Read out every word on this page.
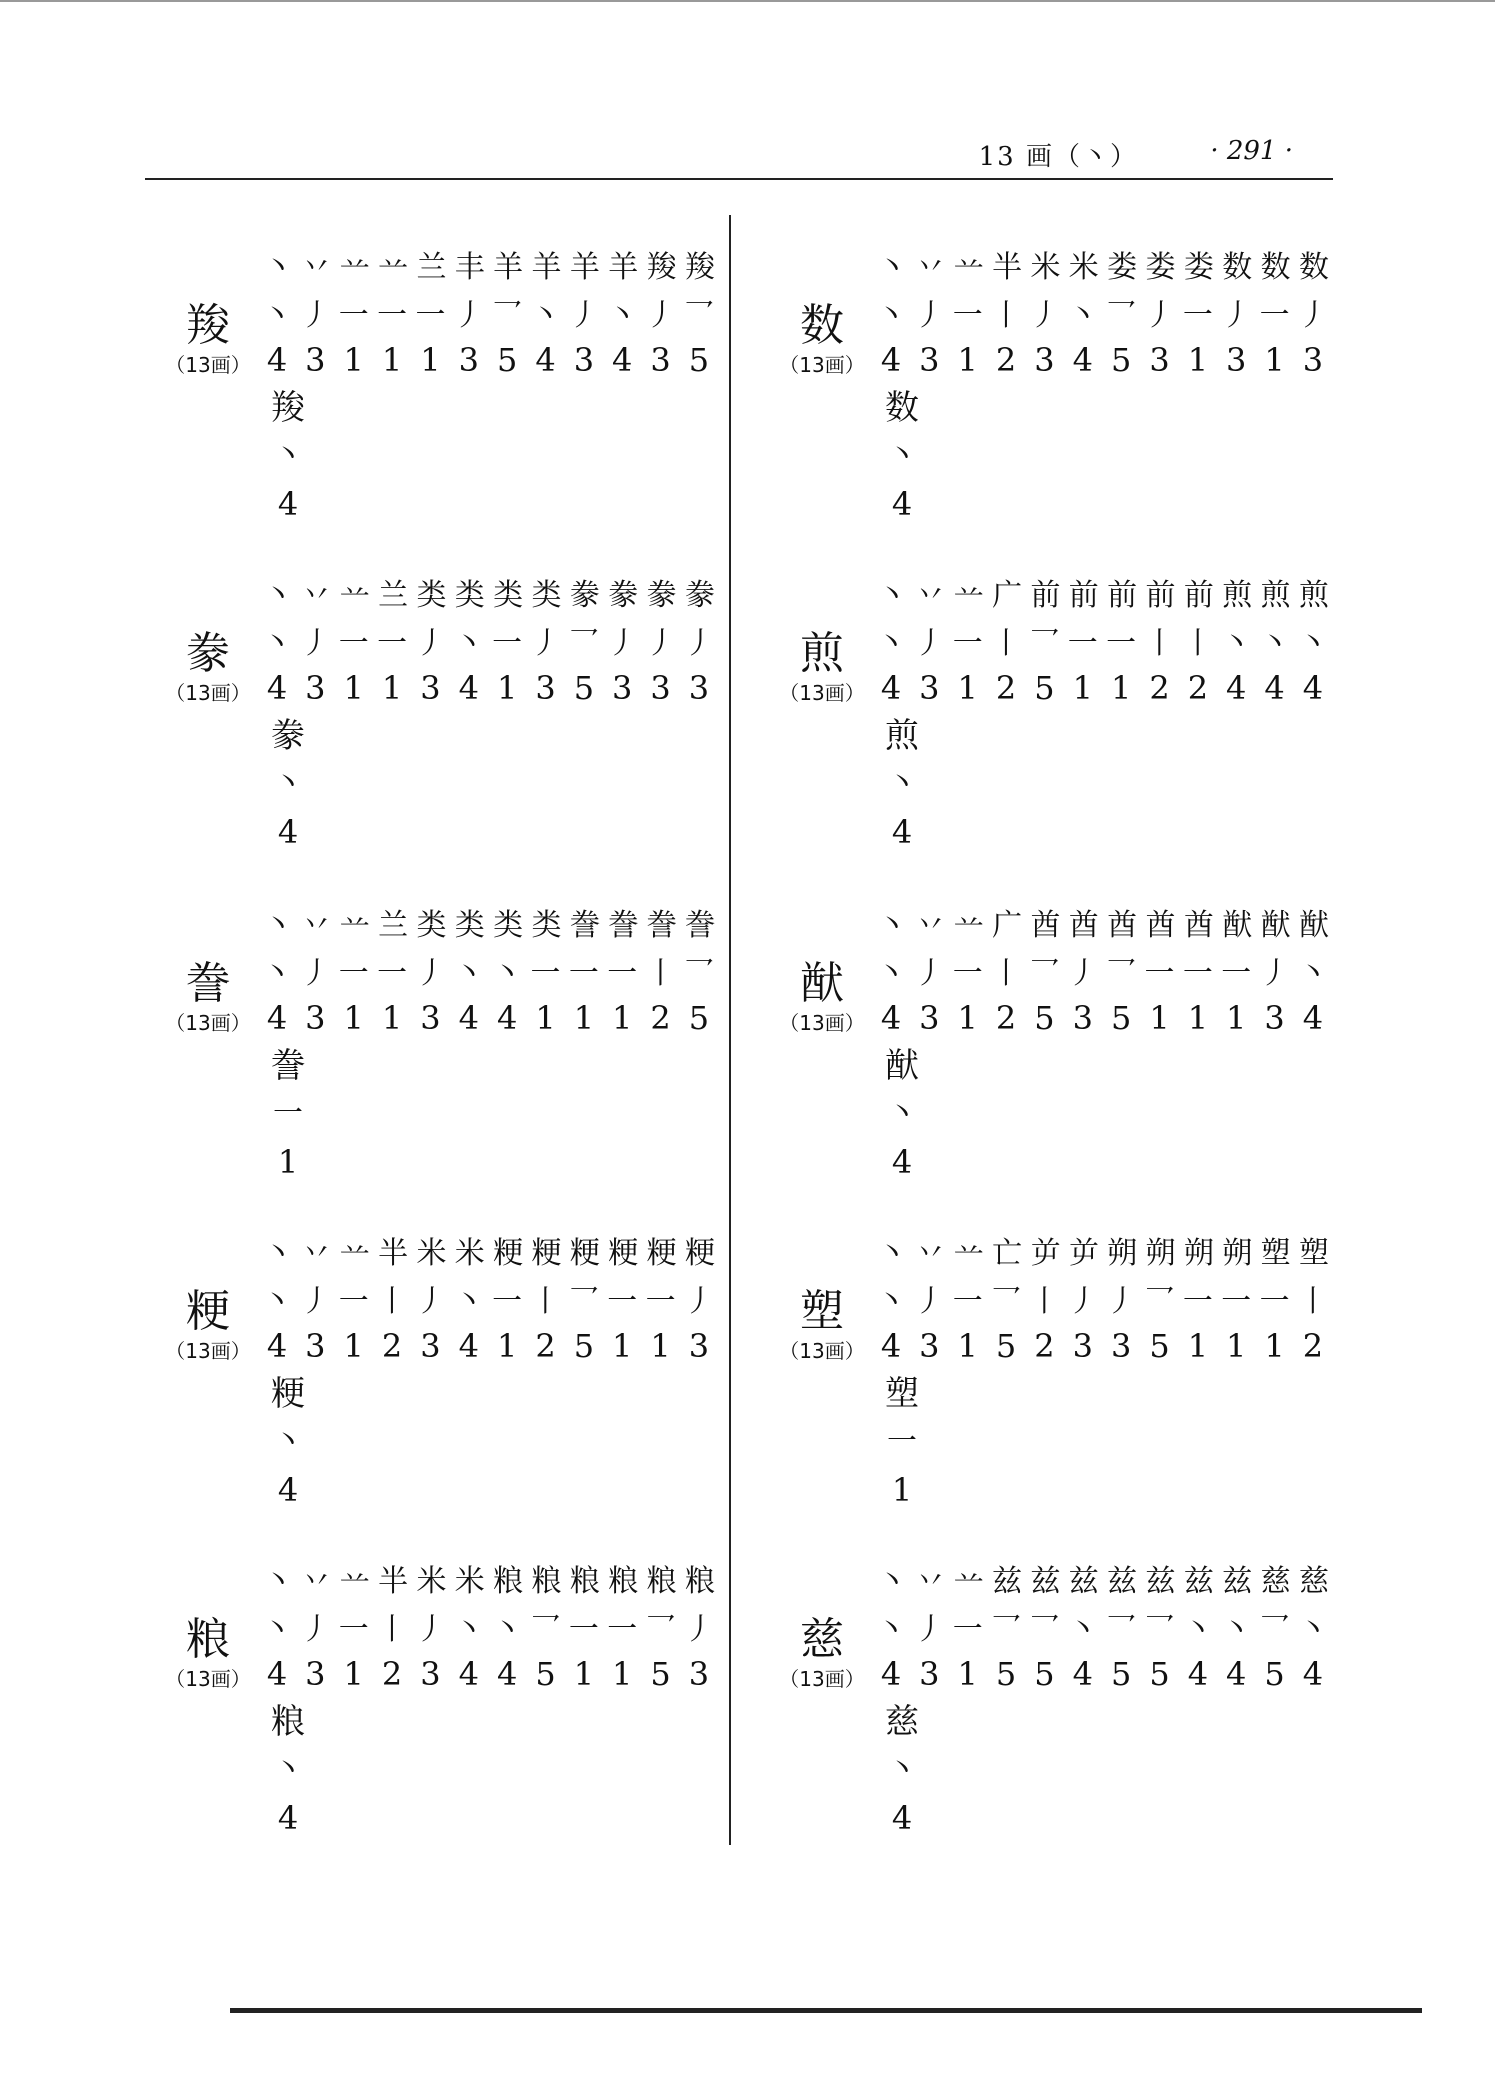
13 画（丶）	· 291 ·
羧
（13画）
丶 丷 䒑 䒑 兰 丰 羊 羊 羊 羊 羧 羧
丶 丿 一 一 一 丿 乛 丶 丿 丶 丿 乛
4 3 1 1 1 3 5 4 3 4 3 5
羧
丶
4
豢
（13画）
丶 丷 䒑 兰 类 类 类 类 豢 豢 豢 豢
丶 丿 一 一 丿 丶 一 丿 乛 丿 丿 丿
4 3 1 1 3 4 1 3 5 3 3 3
豢
丶
4
誊
（13画）
丶 丷 䒑 兰 类 类 类 类 誊 誊 誊 誊
丶 丿 一 一 丿 丶 丶 一 一 一 丨 乛
4 3 1 1 3 4 4 1 1 1 2 5
誊
一
1
粳
（13画）
丶 丷 䒑 半 米 米 粳 粳 粳 粳 粳 粳
丶 丿 一 丨 丿 丶 一 丨 乛 一 一 丿
4 3 1 2 3 4 1 2 5 1 1 3
粳
丶
4
粮
（13画）
丶 丷 䒑 半 米 米 粮 粮 粮 粮 粮 粮
丶 丿 一 丨 丿 丶 丶 乛 一 一 乛 丿
4 3 1 2 3 4 4 5 1 1 5 3
粮
丶
4
数
（13画）
丶 丷 䒑 半 米 米 娄 娄 娄 数 数 数
丶 丿 一 丨 丿 丶 乛 丿 一 丿 一 丿
4 3 1 2 3 4 5 3 1 3 1 3
数
丶
4
煎
（13画）
丶 丷 䒑 广 前 前 前 前 前 煎 煎 煎
丶 丿 一 丨 乛 一 一 丨 丨 丶 丶 丶
4 3 1 2 5 1 1 2 2 4 4 4
煎
丶
4
猷
（13画）
丶 丷 䒑 广 酋 酋 酋 酋 酋 猷 猷 猷
丶 丿 一 丨 乛 丿 乛 一 一 一 丿 丶
4 3 1 2 5 3 5 1 1 1 3 4
猷
丶
4
塑
（13画）
丶 丷 䒑 亡 屰 屰 朔 朔 朔 朔 塑 塑
丶 丿 一 乛 丨 丿 丿 乛 一 一 一 丨
4 3 1 5 2 3 3 5 1 1 1 2
塑
一
1
慈
（13画）
丶 丷 䒑 兹 兹 兹 兹 兹 兹 兹 慈 慈
丶 丿 一 乛 乛 丶 乛 乛 丶 丶 乛 丶
4 3 1 5 5 4 5 5 4 4 5 4
慈
丶
4
